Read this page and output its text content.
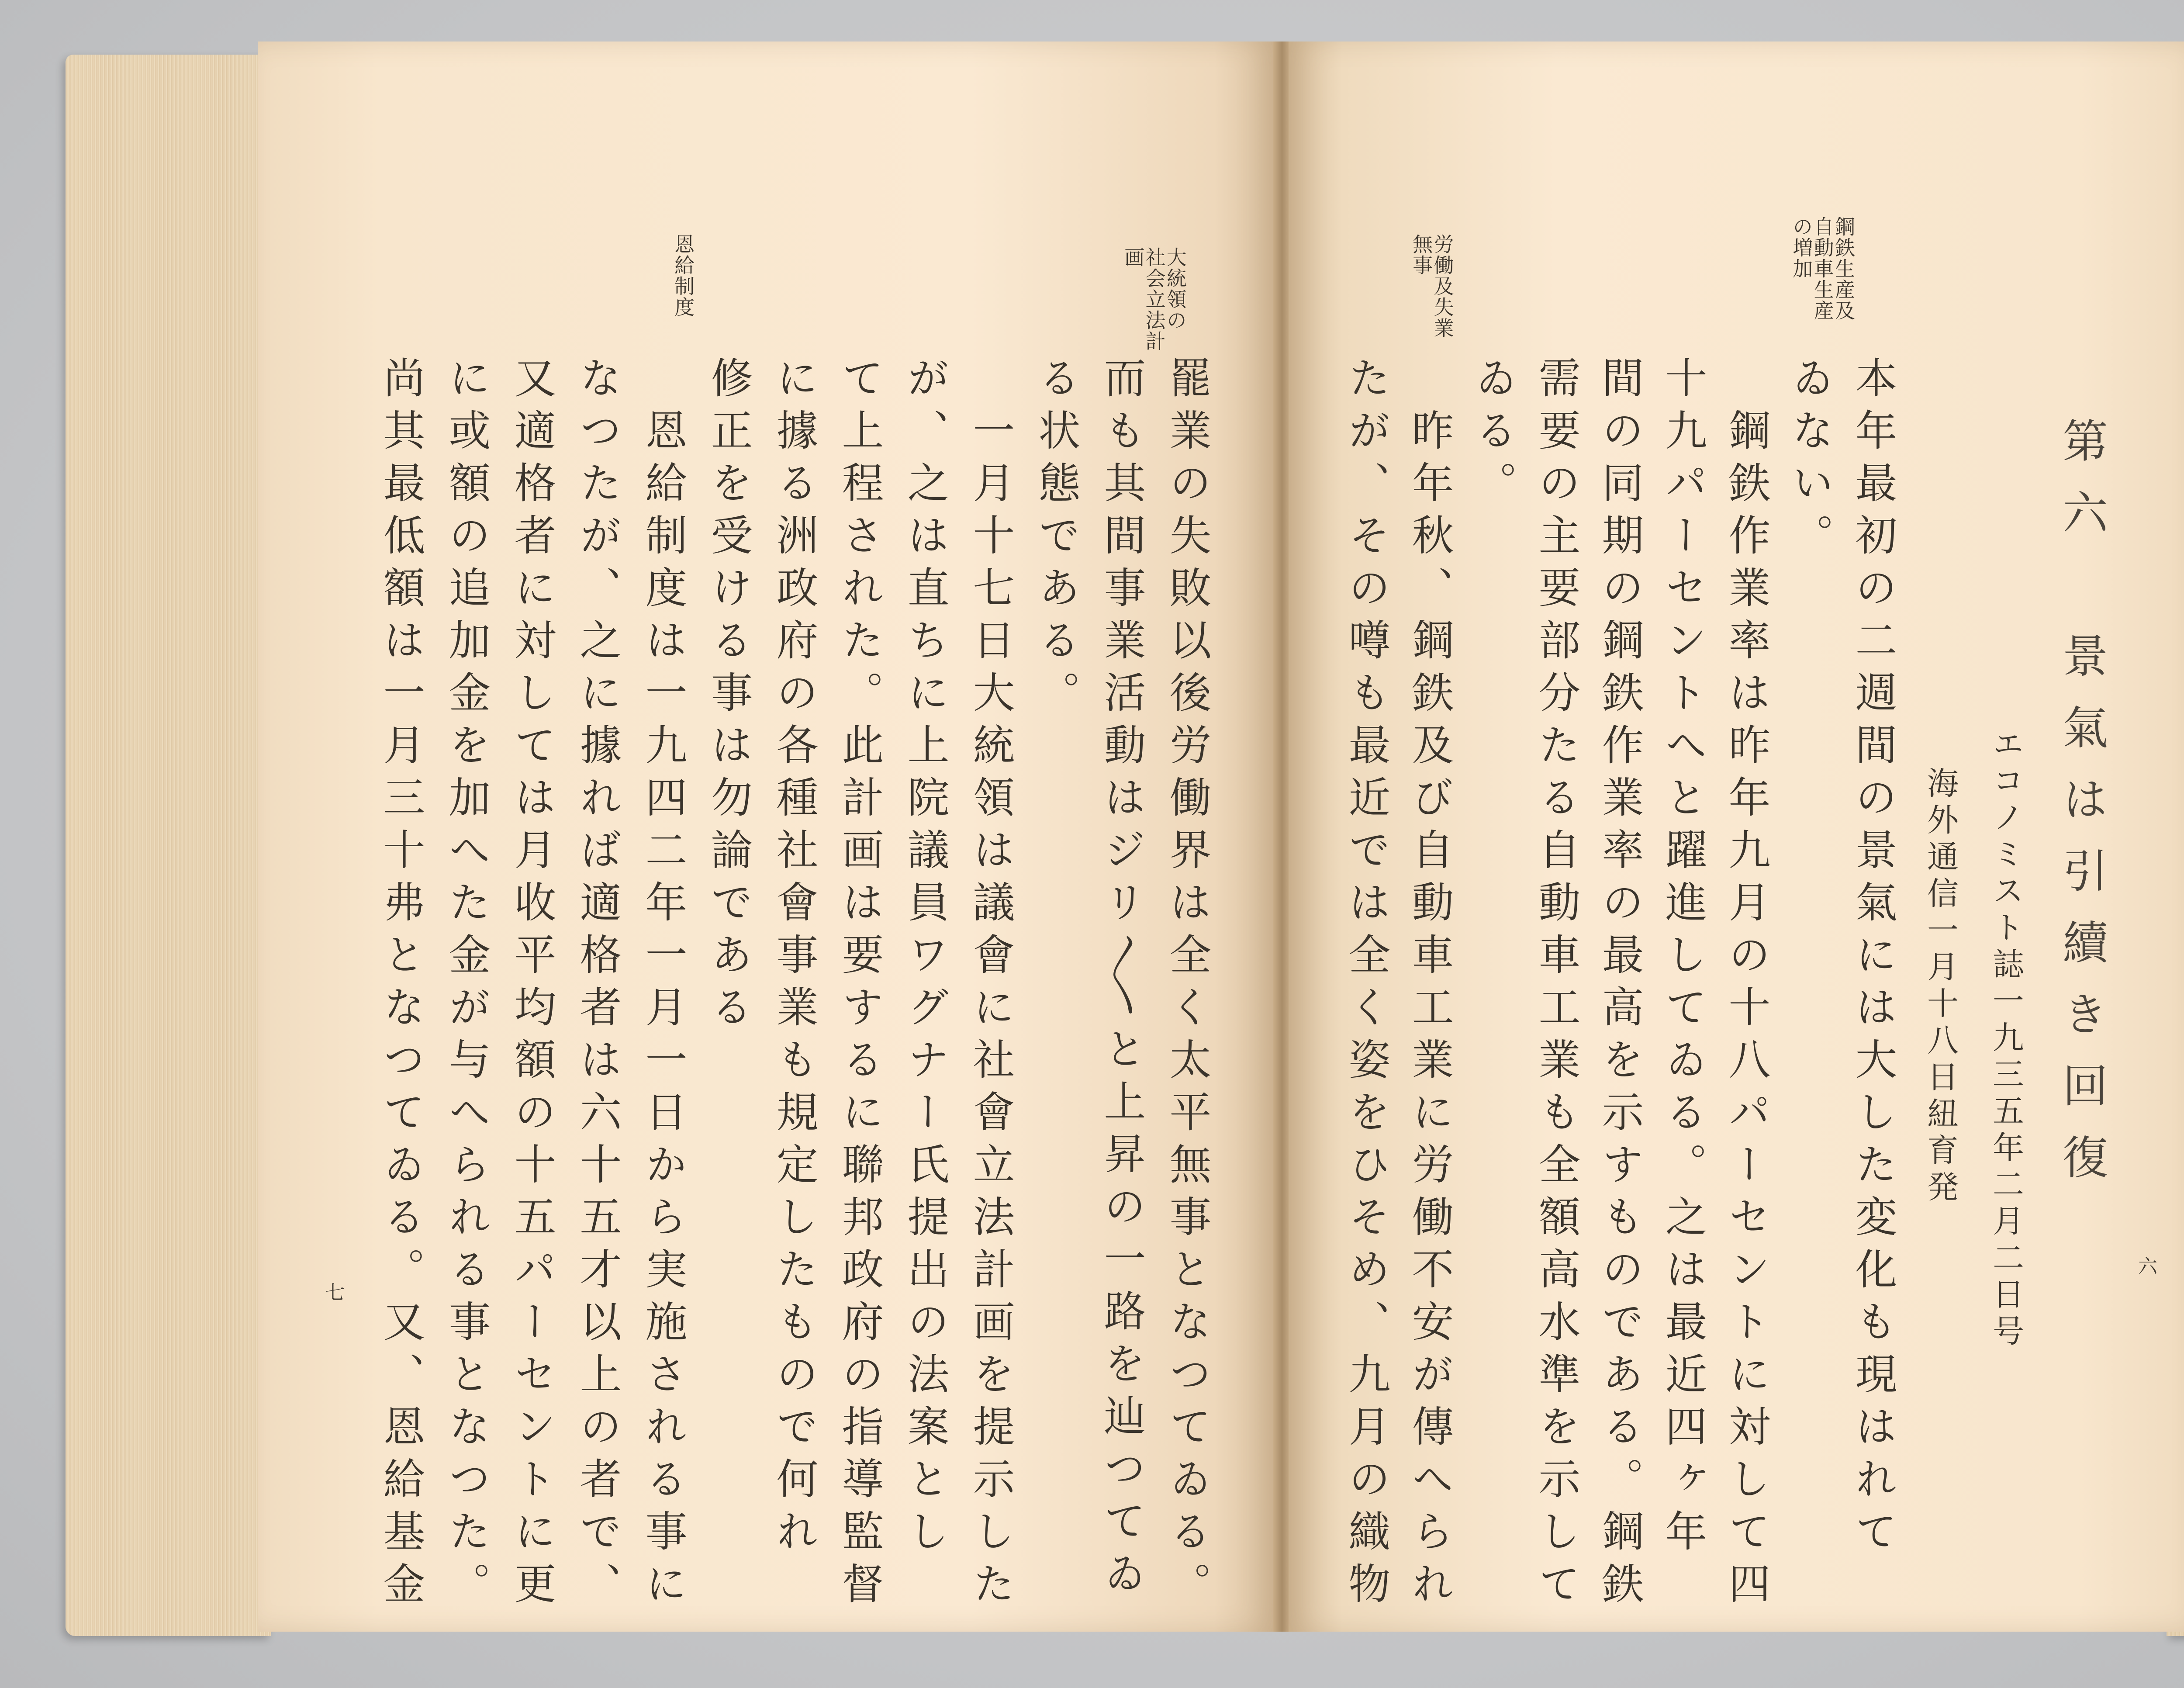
大統領の
社会立法計
画
恩給制度
罷業の失敗以後労働界は全く太平無事となつてゐる。
而も其間事業活動はジリ〳〵と上昇の一路を辿つてゐ
る状態である。
一月十七日大統領は議會に社會立法計画を提示した
が、之は直ちに上院議員ワグナー氏提出の法案とし
て上程された。此計画は要するに聯邦政府の指導監督
に據る洲政府の各種社會事業も規定したもので何れ
修正を受ける事は勿論である
恩給制度は一九四二年一月一日から実施される事に
なつたが、之に據れば適格者は六十五才以上の者で、
又適格者に対しては月收平均額の十五パーセントに更
に或額の追加金を加へた金が与へられる事となつた。
尚其最低額は一月三十弗となつてゐる。又、恩給基金
七
第六　景氣は引續き回復
エコノミスト誌一九三五年二月二日号
海外通信一月十八日紐育発
鋼鉄生産及
自動車生産
の増加
労働及失業
無事
本年最初の二週間の景氣には大した変化も現はれて
ゐない。
鋼鉄作業率は昨年九月の十八パーセントに対して四
十九パーセントへと躍進してゐる。之は最近四ヶ年
間の同期の鋼鉄作業率の最高を示すものである。鋼鉄
需要の主要部分たる自動車工業も全額高水準を示して
ゐる。
昨年秋、鋼鉄及び自動車工業に労働不安が傳へられ
たが、その噂も最近では全く姿をひそめ、九月の織物	六
